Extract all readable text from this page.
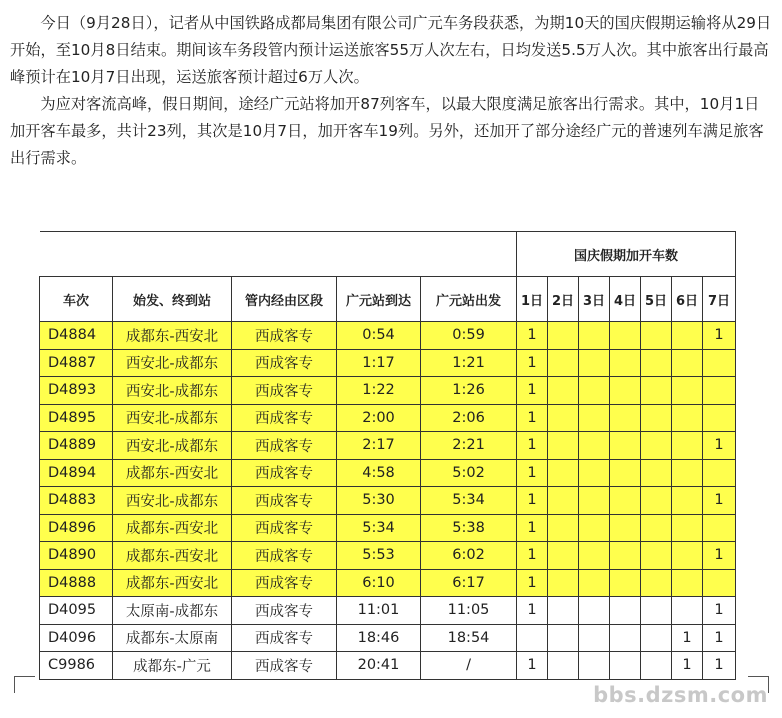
今日（9月28日），记者从中国铁路成都局集团有限公司广元车务段获悉，为期10天的国庆假期运输将从29日开始，至10月8日结束。期间该车务段管内预计运送旅客55万人次左右，日均发送5.5万人次。其中旅客出行最高峰预计在10月7日出现，运送旅客预计超过6万人次。

为应对客流高峰，假日期间，途经广元站将加开87列客车，以最大限度满足旅客出行需求。其中，10月1日加开客车最多，共计23列，其次是10月7日，加开客车19列。另外，还加开了部分途经广元的普速列车满足旅客出行需求。

					国庆假期加开车数						
车次	始发、终到站	管内经由区段	广元站到达	广元站出发	1日	2日	3日	4日	5日	6日	7日
D4884	成都东-西安北	西成客专	0:54	0:59	1						1
D4887	西安北-成都东	西成客专	1:17	1:21	1						
D4893	西安北-成都东	西成客专	1:22	1:26	1						
D4895	西安北-成都东	西成客专	2:00	2:06	1						
D4889	西安北-成都东	西成客专	2:17	2:21	1						1
D4894	成都东-西安北	西成客专	4:58	5:02	1						
D4883	西安北-成都东	西成客专	5:30	5:34	1						1
D4896	成都东-西安北	西成客专	5:34	5:38	1						
D4890	成都东-西安北	西成客专	5:53	6:02	1						1
D4888	成都东-西安北	西成客专	6:10	6:17	1						
D4095	太原南-成都东	西成客专	11:01	11:05	1						1
D4096	成都东-太原南	西成客专	18:46	18:54						1	1
C9986	成都东-广元	西成客专	20:41	/	1					1	1
bbs.dzsm.com
